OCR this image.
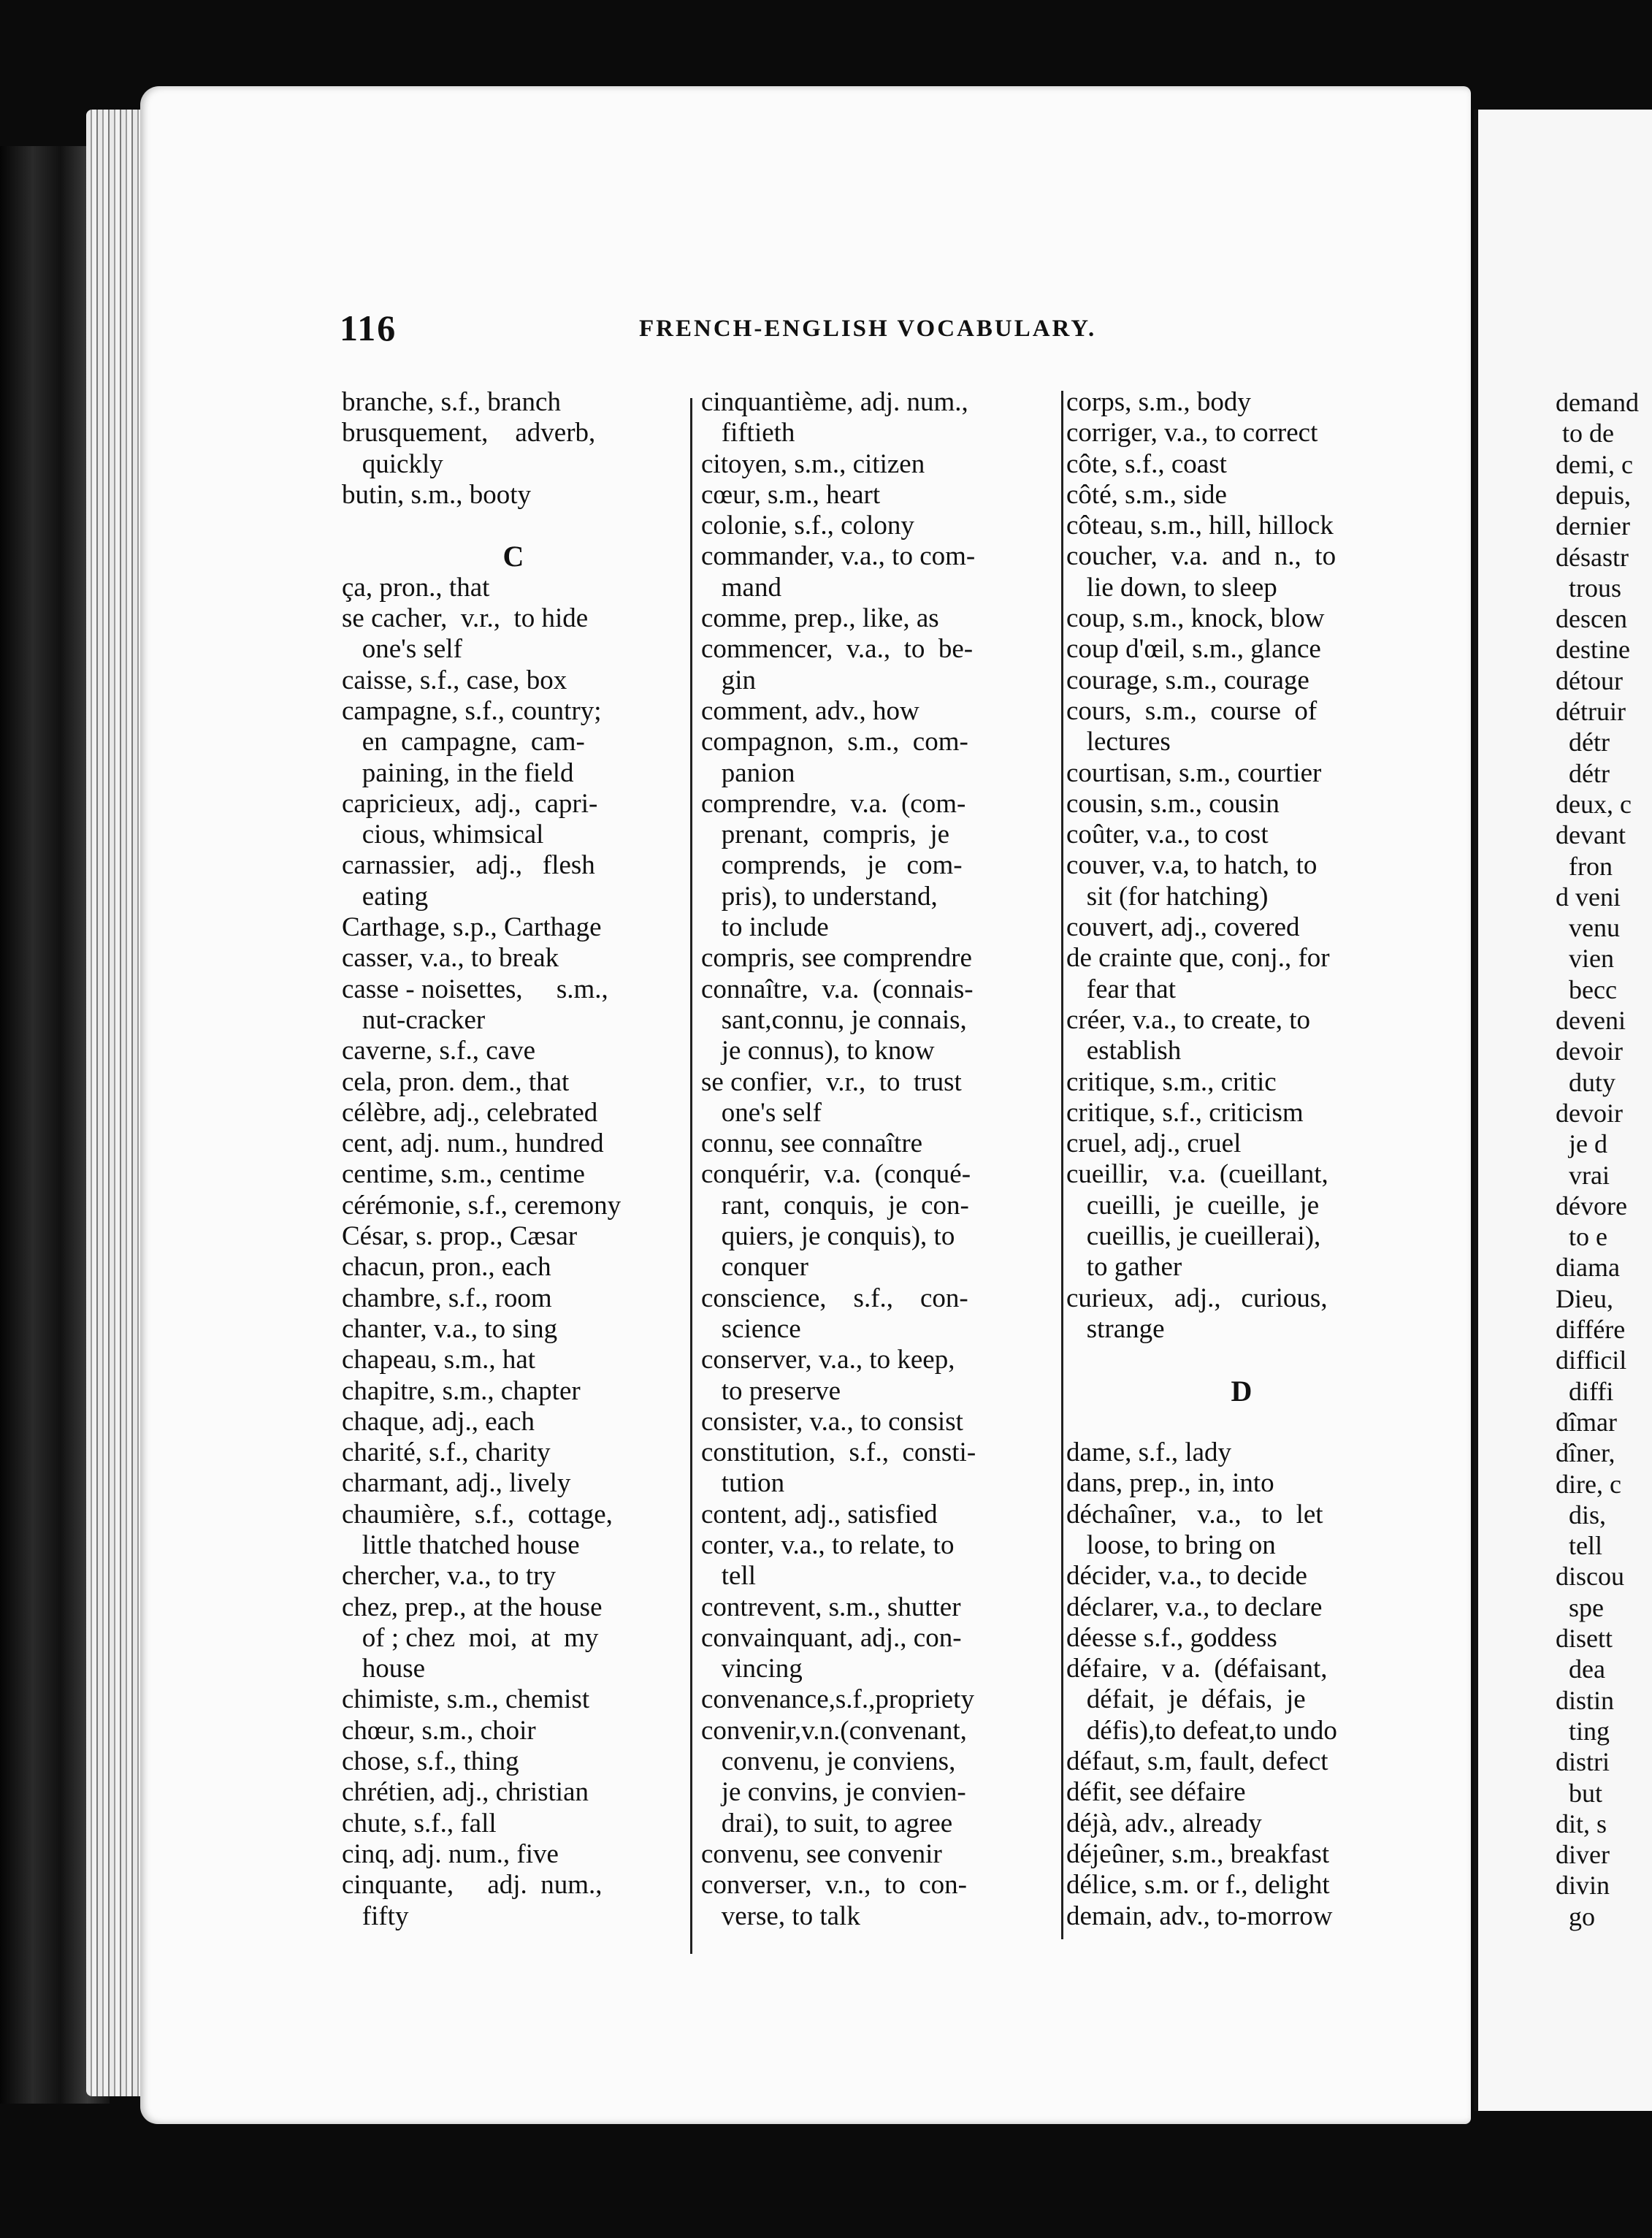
116	FRENCH-ENGLISH VOCABULARY.
branche, s.f., branch
brusquement,    adverb,
quickly
butin, s.m., booty

C
ça, pron., that
se cacher,  v.r.,  to hide
one's self
caisse, s.f., case, box
campagne, s.f., country;
en  campagne,  cam-
paining, in the field
capricieux,  adj.,  capri-
cious, whimsical
carnassier,   adj.,   flesh
eating
Carthage, s.p., Carthage
casser, v.a., to break
casse - noisettes,     s.m.,
nut-cracker
caverne, s.f., cave
cela, pron. dem., that
célèbre, adj., celebrated
cent, adj. num., hundred
centime, s.m., centime
cérémonie, s.f., ceremony
César, s. prop., Cæsar
chacun, pron., each
chambre, s.f., room
chanter, v.a., to sing
chapeau, s.m., hat
chapitre, s.m., chapter
chaque, adj., each
charité, s.f., charity
charmant, adj., lively
chaumière,  s.f.,  cottage,
little thatched house
chercher, v.a., to try
chez, prep., at the house
of ; chez  moi,  at  my
house
chimiste, s.m., chemist
chœur, s.m., choir
chose, s.f., thing
chrétien, adj., christian
chute, s.f., fall
cinq, adj. num., five
cinquante,     adj.  num.,
fifty
cinquantième, adj. num.,
fiftieth
citoyen, s.m., citizen
cœur, s.m., heart
colonie, s.f., colony
commander, v.a., to com-
mand
comme, prep., like, as
commencer,  v.a.,  to  be-
gin
comment, adv., how
compagnon,  s.m.,  com-
panion
comprendre,  v.a.  (com-
prenant,  compris,  je
comprends,   je   com-
pris), to understand,
to include
compris, see comprendre
connaître,  v.a.  (connais-
sant,connu, je connais,
je connus), to know
se confier,  v.r.,  to  trust
one's self
connu, see connaître
conquérir,  v.a.  (conqué-
rant,  conquis,  je  con-
quiers, je conquis), to
conquer
conscience,    s.f.,    con-
science
conserver, v.a., to keep,
to preserve
consister, v.a., to consist
constitution,  s.f.,  consti-
tution
content, adj., satisfied
conter, v.a., to relate, to
tell
contrevent, s.m., shutter
convainquant, adj., con-
vincing
convenance,s.f.,propriety
convenir,v.n.(convenant,
convenu, je conviens,
je convins, je convien-
drai), to suit, to agree
convenu, see convenir
converser,  v.n.,  to  con-
verse, to talk
corps, s.m., body
corriger, v.a., to correct
côte, s.f., coast
côté, s.m., side
côteau, s.m., hill, hillock
coucher,  v.a.  and  n.,  to
lie down, to sleep
coup, s.m., knock, blow
coup d'œil, s.m., glance
courage, s.m., courage
cours,  s.m.,  course  of
lectures
courtisan, s.m., courtier
cousin, s.m., cousin
coûter, v.a., to cost
couver, v.a, to hatch, to
sit (for hatching)
couvert, adj., covered
de crainte que, conj., for
fear that
créer, v.a., to create, to
establish
critique, s.m., critic
critique, s.f., criticism
cruel, adj., cruel
cueillir,   v.a.  (cueillant,
cueilli,  je  cueille,  je
cueillis, je cueillerai),
to gather
curieux,   adj.,   curious,
strange

D

dame, s.f., lady
dans, prep., in, into
déchaîner,   v.a.,   to  let
loose, to bring on
décider, v.a., to decide
déclarer, v.a., to declare
déesse s.f., goddess
défaire,  v a.  (défaisant,
défait,  je  défais,  je
défis),to defeat,to undo
défaut, s.m, fault, defect
défit, see défaire
déjà, adv., already
déjeûner, s.m., breakfast
délice, s.m. or f., delight
demain, adv., to-morrow
demand
to de
demi, c
depuis,
dernier
désastr
trous
descen
destine
détour
détruir
détr
détr
deux, c
devant
fron
d veni
venu
vien
becc
deveni
devoir
duty
devoir
je d
vrai
dévore
to e
diama
Dieu,
différe
difficil
diffi
dîmar
dîner,
dire, c
dis,
tell
discou
spe
disett
dea
distin
ting
distri
but
dit, s
diver
divin
go
